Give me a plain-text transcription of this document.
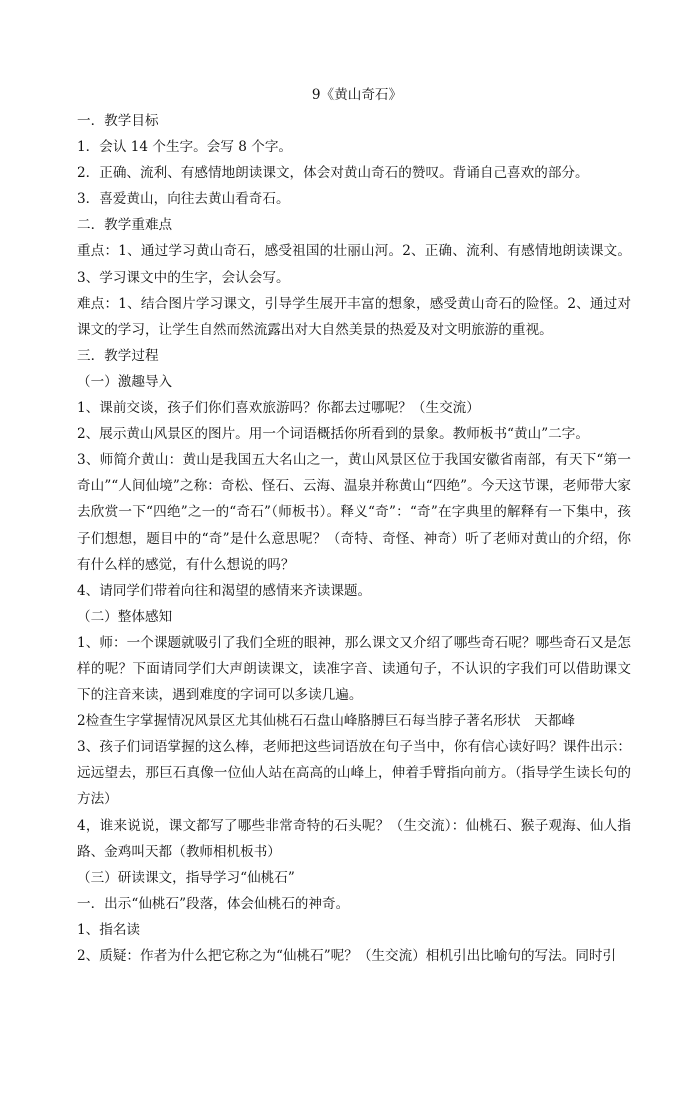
9《黄山奇石》

一．教学目标

1．会认 14 个生字。会写 8 个字。

2．正确、流利、有感情地朗读课文，体会对黄山奇石的赞叹。背诵自己喜欢的部分。

3．喜爱黄山，向往去黄山看奇石。

二．教学重难点

重点：1、通过学习黄山奇石，感受祖国的壮丽山河。2、正确、流利、有感情地朗读课文。3、学习课文中的生字，会认会写。

难点：1、结合图片学习课文，引导学生展开丰富的想象，感受黄山奇石的险怪。2、通过对课文的学习，让学生自然而然流露出对大自然美景的热爱及对文明旅游的重视。

三．教学过程

（一）激趣导入

1、课前交谈，孩子们你们喜欢旅游吗？你都去过哪呢？（生交流）

2、展示黄山风景区的图片。用一个词语概括你所看到的景象。教师板书“黄山”二字。

3、师简介黄山：黄山是我国五大名山之一，黄山风景区位于我国安徽省南部，有天下“第一奇山”“人间仙境”之称：奇松、怪石、云海、温泉并称黄山“四绝”。今天这节课，老师带大家去欣赏一下“四绝”之一的“奇石”（师板书）。释义“奇”：“奇”在字典里的解释有一下集中，孩子们想想，题目中的“奇”是什么意思呢？（奇特、奇怪、神奇）听了老师对黄山的介绍，你有什么样的感觉，有什么想说的吗？

4、请同学们带着向往和渴望的感情来齐读课题。

（二）整体感知

1、师：一个课题就吸引了我们全班的眼神，那么课文又介绍了哪些奇石呢？哪些奇石又是怎样的呢？下面请同学们大声朗读课文，读准字音、读通句子，不认识的字我们可以借助课文下的注音来读，遇到难度的字词可以多读几遍。

2检查生字掌握情况风景区尤其仙桃石石盘山峰胳膊巨石每当脖子著名形状　天都峰

3、孩子们词语掌握的这么棒，老师把这些词语放在句子当中，你有信心读好吗？课件出示：远远望去，那巨石真像一位仙人站在高高的山峰上，伸着手臂指向前方。（指导学生读长句的方法）

4，谁来说说，课文都写了哪些非常奇特的石头呢？（生交流）：仙桃石、猴子观海、仙人指路、金鸡叫天都（教师相机板书）

（三）研读课文，指导学习“仙桃石”

一．出示“仙桃石”段落，体会仙桃石的神奇。

1、指名读

2、质疑：作者为什么把它称之为“仙桃石”呢？（生交流）相机引出比喻句的写法。同时引
